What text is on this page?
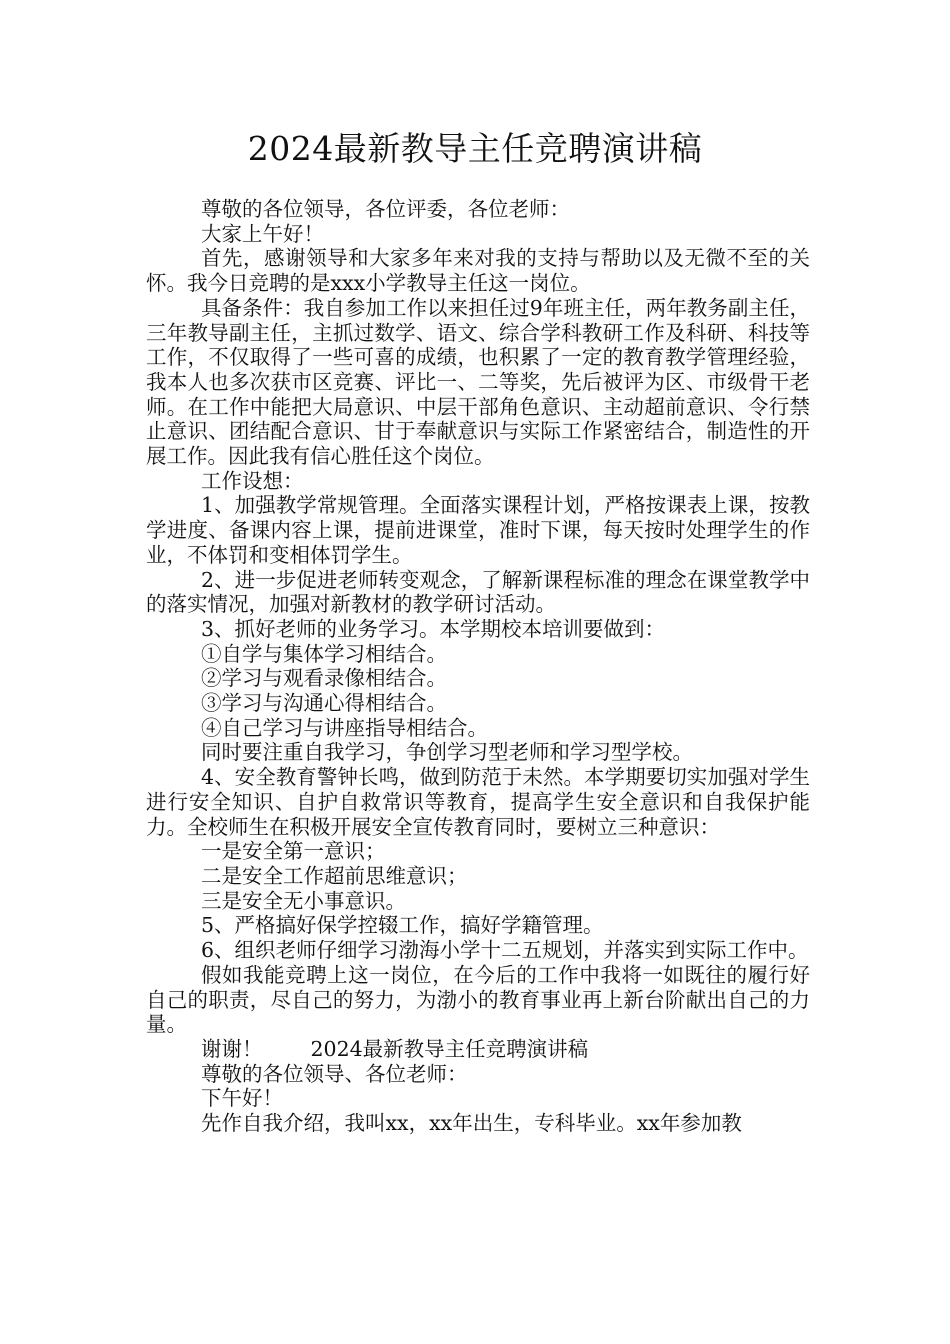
2024最新教导主任竞聘演讲稿

尊敬的各位领导，各位评委，各位老师：

大家上午好！

首先，感谢领导和大家多年来对我的支持与帮助以及无微不至的关怀。我今日竞聘的是xxx小学教导主任这一岗位。

具备条件：我自参加工作以来担任过9年班主任，两年教务副主任，三年教导副主任，主抓过数学、语文、综合学科教研工作及科研、科技等工作，不仅取得了一些可喜的成绩，也积累了一定的教育教学管理经验，我本人也多次获市区竞赛、评比一、二等奖，先后被评为区、市级骨干老师。在工作中能把大局意识、中层干部角色意识、主动超前意识、令行禁止意识、团结配合意识、甘于奉献意识与实际工作紧密结合，制造性的开展工作。因此我有信心胜任这个岗位。

工作设想：

1、加强教学常规管理。全面落实课程计划，严格按课表上课，按教学进度、备课内容上课，提前进课堂，准时下课，每天按时处理学生的作业，不体罚和变相体罚学生。

2、进一步促进老师转变观念，了解新课程标准的理念在课堂教学中的落实情况，加强对新教材的教学研讨活动。

3、抓好老师的业务学习。本学期校本培训要做到：

①自学与集体学习相结合。

②学习与观看录像相结合。

③学习与沟通心得相结合。

④自己学习与讲座指导相结合。

同时要注重自我学习，争创学习型老师和学习型学校。

4、安全教育警钟长鸣，做到防范于未然。本学期要切实加强对学生进行安全知识、自护自救常识等教育，提高学生安全意识和自我保护能力。全校师生在积极开展安全宣传教育同时，要树立三种意识：

一是安全第一意识；

二是安全工作超前思维意识；

三是安全无小事意识。

5、严格搞好保学控辍工作，搞好学籍管理。

6、组织老师仔细学习渤海小学十二五规划，并落实到实际工作中。

假如我能竞聘上这一岗位，在今后的工作中我将一如既往的履行好自己的职责，尽自己的努力，为渤小的教育事业再上新台阶献出自己的力量。

谢谢！ 2024最新教导主任竞聘演讲稿

尊敬的各位领导、各位老师：

下午好！

先作自我介绍，我叫xx，xx年出生，专科毕业。xx年参加教
